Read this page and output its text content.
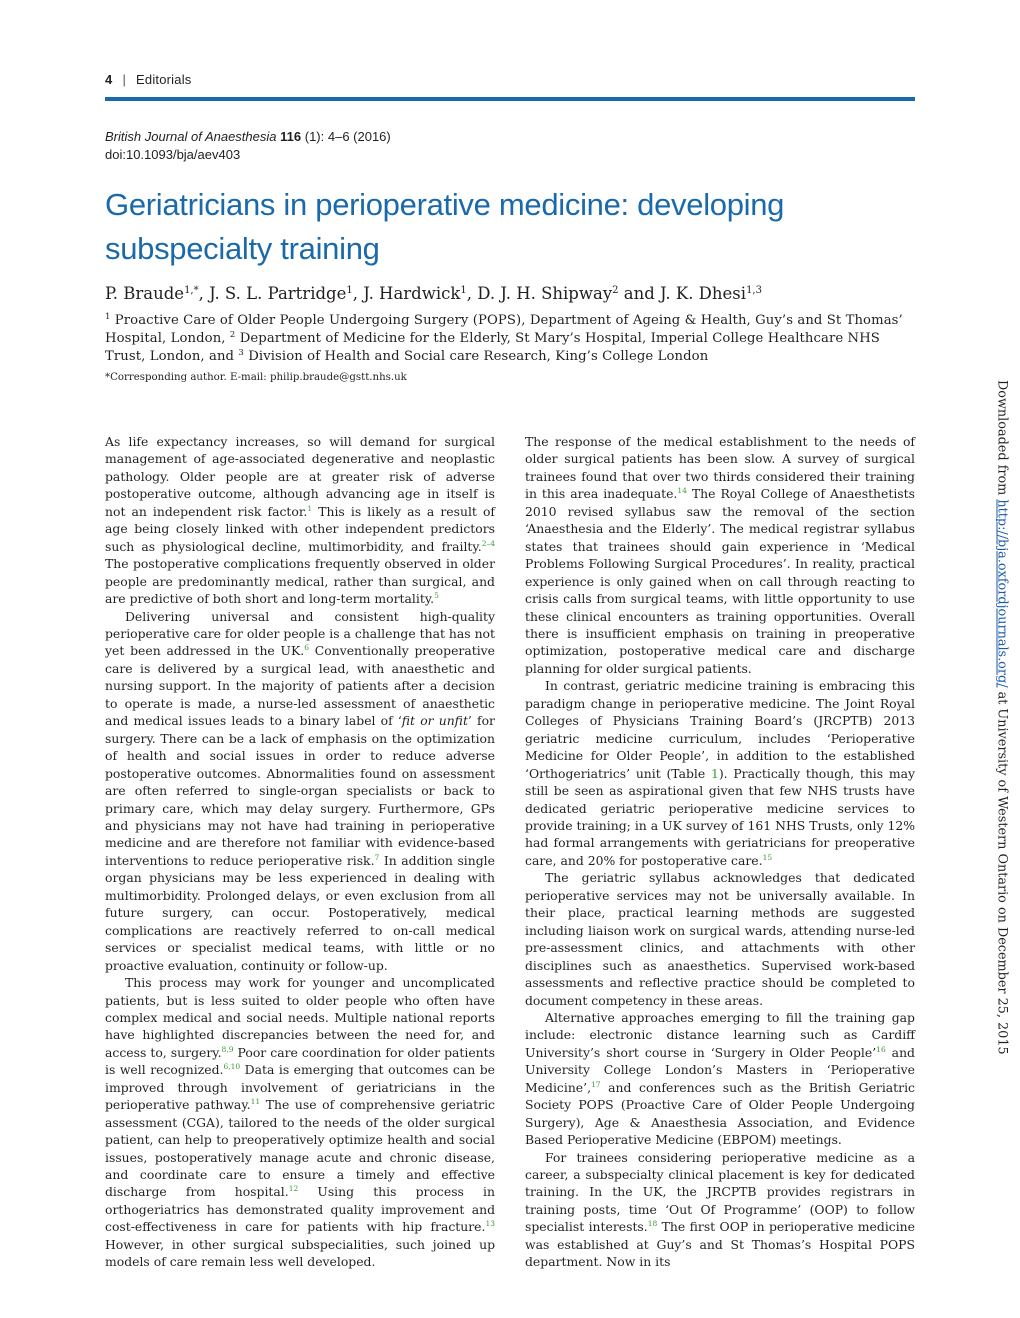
4 | Editorials
British Journal of Anaesthesia 116 (1): 4–6 (2016)
doi:10.1093/bja/aev403
Geriatricians in perioperative medicine: developing subspecialty training
P. Braude$^{1,*}$, J. S. L. Partridge$^1$, J. Hardwick$^1$, D. J. H. Shipway$^2$ and J. K. Dhesi$^{1,3}$
$^1$ Proactive Care of Older People Undergoing Surgery (POPS), Department of Ageing & Health, Guy’s and St Thomas’ Hospital, London, $^2$ Department of Medicine for the Elderly, St Mary’s Hospital, Imperial College Healthcare NHS Trust, London, and $^3$ Division of Health and Social care Research, King’s College London
*Corresponding author. E-mail: philip.braude@gstt.nhs.uk

As life expectancy increases, so will demand for surgical management of age-associated degenerative and neoplastic pathology. Older people are at greater risk of adverse postoperative outcome, although advancing age in itself is not an independent risk factor.$^1$ This is likely as a result of age being closely linked with other independent predictors such as physiological decline, multimorbidity, and frailty.$^{2-4}$ The postoperative complications frequently observed in older people are predominantly medical, rather than surgical, and are predictive of both short and long-term mortality.$^5$

Delivering universal and consistent high-quality perioperative care for older people is a challenge that has not yet been addressed in the UK.$^6$ Conventionally preoperative care is delivered by a surgical lead, with anaesthetic and nursing support. In the majority of patients after a decision to operate is made, a nurse-led assessment of anaesthetic and medical issues leads to a binary label of ‘fit or unfit’ for surgery. There can be a lack of emphasis on the optimization of health and social issues in order to reduce adverse postoperative outcomes. Abnormalities found on assessment are often referred to single-organ specialists or back to primary care, which may delay surgery. Furthermore, GPs and physicians may not have had training in perioperative medicine and are therefore not familiar with evidence-based interventions to reduce perioperative risk.$^7$ In addition single organ physicians may be less experienced in dealing with multimorbidity. Prolonged delays, or even exclusion from all future surgery, can occur. Postoperatively, medical complications are reactively referred to on-call medical services or specialist medical teams, with little or no proactive evaluation, continuity or follow-up.

This process may work for younger and uncomplicated patients, but is less suited to older people who often have complex medical and social needs. Multiple national reports have highlighted discrepancies between the need for, and access to, surgery.$^{8,9}$ Poor care coordination for older patients is well recognized.$^{6,10}$ Data is emerging that outcomes can be improved through involvement of geriatricians in the perioperative pathway.$^{11}$ The use of comprehensive geriatric assessment (CGA), tailored to the needs of the older surgical patient, can help to preoperatively optimize health and social issues, postoperatively manage acute and chronic disease, and coordinate care to ensure a timely and effective discharge from hospital.$^{12}$ Using this process in orthogeriatrics has demonstrated quality improvement and cost-effectiveness in care for patients with hip fracture.$^{13}$ However, in other surgical subspecialities, such joined up models of care remain less well developed.

The response of the medical establishment to the needs of older surgical patients has been slow. A survey of surgical trainees found that over two thirds considered their training in this area inadequate.$^{14}$ The Royal College of Anaesthetists 2010 revised syllabus saw the removal of the section ‘Anaesthesia and the Elderly’. The medical registrar syllabus states that trainees should gain experience in ‘Medical Problems Following Surgical Procedures’. In reality, practical experience is only gained when on call through reacting to crisis calls from surgical teams, with little opportunity to use these clinical encounters as training opportunities. Overall there is insufficient emphasis on training in preoperative optimization, postoperative medical care and discharge planning for older surgical patients.

In contrast, geriatric medicine training is embracing this paradigm change in perioperative medicine. The Joint Royal Colleges of Physicians Training Board’s (JRCPTB) 2013 geriatric medicine curriculum, includes ‘Perioperative Medicine for Older People’, in addition to the established ‘Orthogeriatrics’ unit (Table 1). Practically though, this may still be seen as aspirational given that few NHS trusts have dedicated geriatric perioperative medicine services to provide training; in a UK survey of 161 NHS Trusts, only 12% had formal arrangements with geriatricians for preoperative care, and 20% for postoperative care.$^{15}$

The geriatric syllabus acknowledges that dedicated perioperative services may not be universally available. In their place, practical learning methods are suggested including liaison work on surgical wards, attending nurse-led pre-assessment clinics, and attachments with other disciplines such as anaesthetics. Supervised work-based assessments and reflective practice should be completed to document competency in these areas.

Alternative approaches emerging to fill the training gap include: electronic distance learning such as Cardiff University’s short course in ‘Surgery in Older People’$^{16}$ and University College London’s Masters in ‘Perioperative Medicine’,$^{17}$ and conferences such as the British Geriatric Society POPS (Proactive Care of Older People Undergoing Surgery), Age & Anaesthesia Association, and Evidence Based Perioperative Medicine (EBPOM) meetings.

For trainees considering perioperative medicine as a career, a subspecialty clinical placement is key for dedicated training. In the UK, the JRCPTB provides registrars in training posts, time ‘Out Of Programme’ (OOP) to follow specialist interests.$^{18}$ The first OOP in perioperative medicine was established at Guy’s and St Thomas’s Hospital POPS department. Now in its

Downloaded from http://bja.oxfordjournals.org/ at University of Western Ontario on December 25, 2015
